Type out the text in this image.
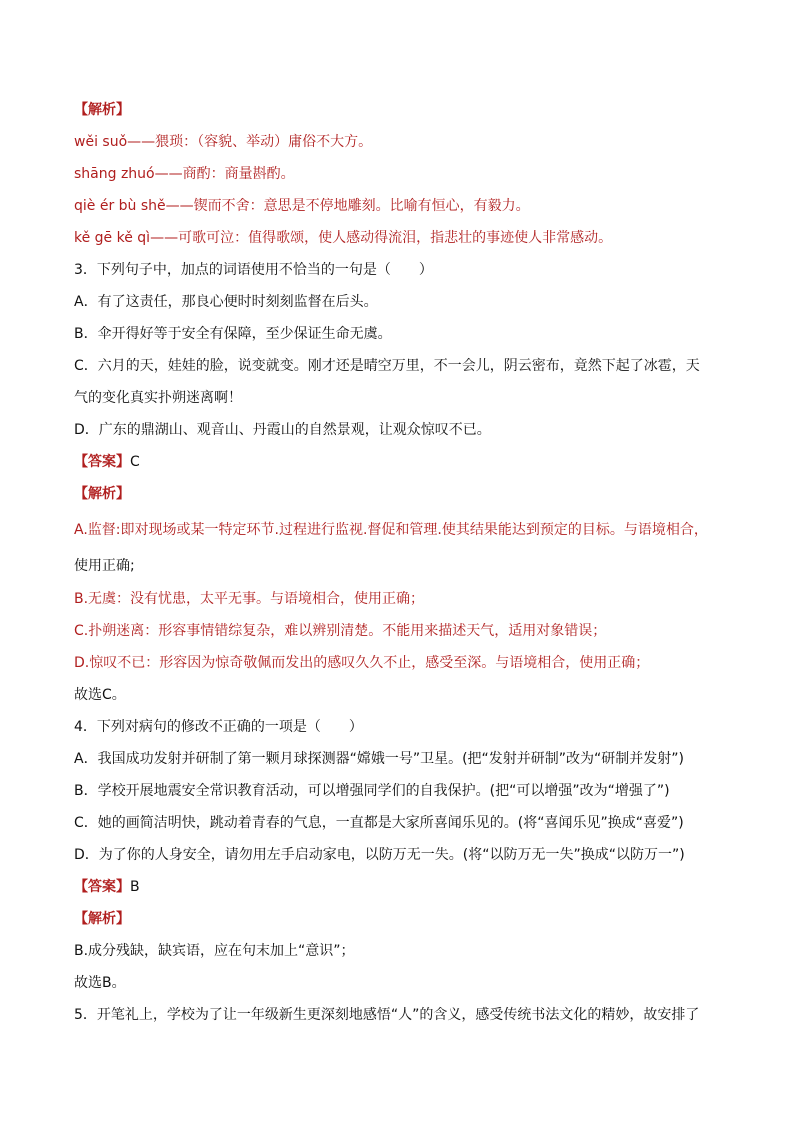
【解析】
wěi suǒ——猥琐：（容貌、举动）庸俗不大方。
shāng zhuó——商酌：商量斟酌。
qiè ér bù shě——锲而不舍：意思是不停地雕刻。比喻有恒心，有毅力。
kě gē kě qì——可歌可泣：值得歌颂，使人感动得流泪，指悲壮的事迹使人非常感动。
3．下列句子中，加点的词语使用不恰当的一句是（　　）
A．有了这责任，那良心便时时刻刻监督在后头。
B．伞开得好等于安全有保障，至少保证生命无虞。
C．六月的天，娃娃的脸，说变就变。刚才还是晴空万里，不一会儿，阴云密布，竟然下起了冰雹，天
气的变化真实扑朔迷离啊！
D．广东的鼎湖山、观音山、丹霞山的自然景观，让观众惊叹不已。
【答案】C
【解析】
A.监督:即对现场或某一特定环节.过程进行监视.督促和管理.使其结果能达到预定的目标。与语境相合，
使用正确;
B.无虞：没有忧患，太平无事。与语境相合，使用正确；
C.扑朔迷离：形容事情错综复杂，难以辨别清楚。不能用来描述天气，适用对象错误；
D.惊叹不已：形容因为惊奇敬佩而发出的感叹久久不止，感受至深。与语境相合，使用正确；
故选C。
4．下列对病句的修改不正确的一项是（　　）
A．我国成功发射并研制了第一颗月球探测器“嫦娥一号”卫星。(把“发射并研制”改为“研制并发射”)
B．学校开展地震安全常识教育活动，可以增强同学们的自我保护。(把“可以增强”改为“增强了”)
C．她的画简洁明快，跳动着青春的气息，一直都是大家所喜闻乐见的。(将“喜闻乐见”换成“喜爱”)
D．为了你的人身安全，请勿用左手启动家电，以防万无一失。(将“以防万无一失”换成“以防万一”)
【答案】B
【解析】
B.成分残缺，缺宾语，应在句末加上“意识”；
故选B。
5．开笔礼上，学校为了让一年级新生更深刻地感悟“人”的含义，感受传统书法文化的精妙，故安排了
